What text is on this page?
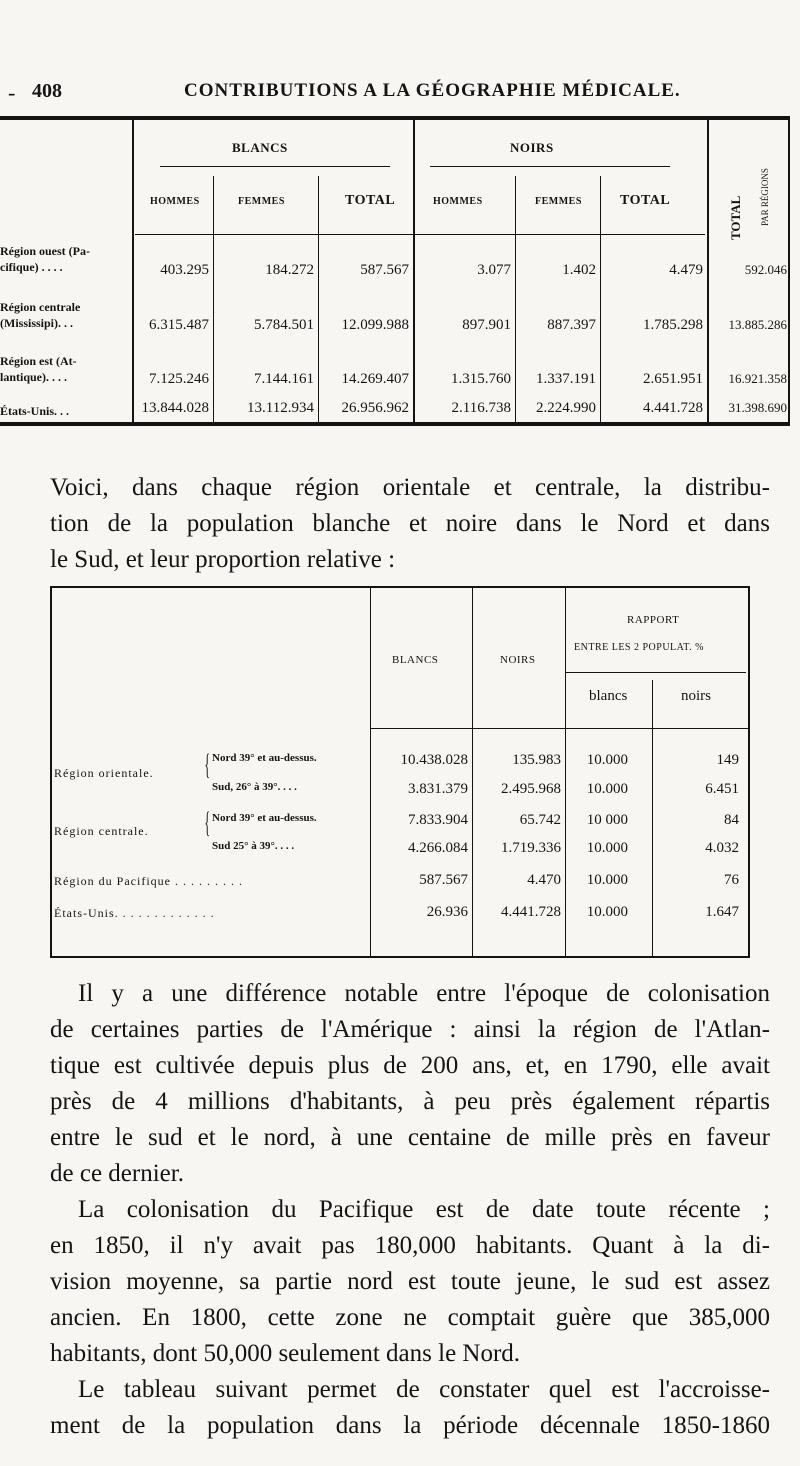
- 408	CONTRIBUTIONS A LA GÉOGRAPHIE MÉDICALE.
BLANCS	NOIRS
TOTAL PAR RÉGIONS
HOMMES	FEMMES	TOTAL	HOMMES	FEMMES	TOTAL
Région ouest (Pa-
cifique) . . . .	403.295	184.272	587.567	3.077	1.402	4.479	592.046
Région centrale
(Mississipi). . .	6.315.487	5.784.501	12.099.988	897.901	887.397	1.785.298	13.885.286
Région est (At-
lantique). . . .	7.125.246	7.144.161	14.269.407	1.315.760	1.337.191	2.651.951	16.921.358
États-Unis. . .	13.844.028	13.112.934	26.956.962	2.116.738	2.224.990	4.441.728	31.398.690
Voici, dans chaque région orientale et centrale, la distribu-
tion de la population blanche et noire dans le Nord et dans
le Sud, et leur proportion relative :
BLANCS	NOIRS
RAPPORT
ENTRE LES 2 POPULAT. %
blancs	noirs
Région orientale. {
Région centrale. {
Nord 39° et au-dessus.	10.438.028	135.983	10.000	149
Sud, 26° à 39°. . . .	3.831.379	2.495.968	10.000	6.451
Nord 39° et au-dessus.	7.833.904	65.742	10 000	84
Sud 25° à 39°. . . .	4.266.084	1.719.336	10.000	4.032
Région du Pacifique . . . . . . . . .	587.567	4.470	10.000	76
États-Unis. . . . . . . . . . . . .	26.936	4.441.728	10.000	1.647
Il y a une différence notable entre l'époque de colonisation
de certaines parties de l'Amérique : ainsi la région de l'Atlan-
tique est cultivée depuis plus de 200 ans, et, en 1790, elle avait
près de 4 millions d'habitants, à peu près également répartis
entre le sud et le nord, à une centaine de mille près en faveur
de ce dernier.
La colonisation du Pacifique est de date toute récente ;
en 1850, il n'y avait pas 180,000 habitants. Quant à la di-
vision moyenne, sa partie nord est toute jeune, le sud est assez
ancien. En 1800, cette zone ne comptait guère que 385,000
habitants, dont 50,000 seulement dans le Nord.
Le tableau suivant permet de constater quel est l'accroisse-
ment de la population dans la période décennale 1850-1860
